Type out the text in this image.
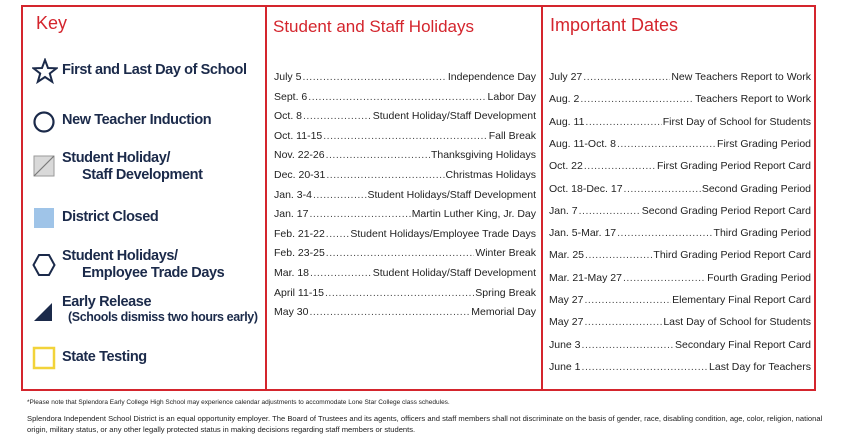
Key
First and Last Day of School
New Teacher Induction
Student Holiday/
Staff Development
District Closed
Student Holidays/
Employee Trade Days
Early Release
(Schools dismiss two hours early)
State Testing
Student and Staff Holidays
July 5 .....	Independence Day
Sept. 6 .....	Labor Day
Oct. 8 .....	Student Holiday/Staff Development
Oct. 11-15 .....	Fall Break
Nov. 22-26 .....	Thanksgiving Holidays
Dec. 20-31 .....	Christmas Holidays
Jan. 3-4 .....	Student Holidays/Staff Development
Jan. 17 .....	Martin Luther King, Jr. Day
Feb. 21-22 ..... Student Holidays/Employee Trade Days
Feb. 23-25 .....	Winter Break
Mar. 18 .....	Student Holiday/Staff Development
April 11-15 .....	Spring Break
May 30 .....	Memorial Day
Important Dates
July 27 .....	New Teachers Report to Work
Aug. 2 .....	Teachers Report to Work
Aug. 11 .....	First Day of School for Students
Aug. 11-Oct. 8 .....	First Grading Period
Oct. 22 .....	First Grading Period Report Card
Oct. 18-Dec. 17 .....	Second Grading Period
Jan. 7 .....	Second Grading Period Report Card
Jan. 5-Mar. 17 .....	Third Grading Period
Mar. 25 .....	Third Grading Period Report Card
Mar. 21-May 27 .....	Fourth Grading Period
May 27 .....	Elementary Final Report Card
May 27 .....	Last Day of School for Students
June 3 .....	Secondary Final Report Card
June 1 .....	Last Day for Teachers
*Please note that Splendora Early College High School may experience calendar adjustments to accommodate Lone Star College class schedules.
Splendora Independent School District is an equal opportunity employer. The Board of Trustees and its agents, officers and staff members shall not discriminate on the basis of gender, race, disabling condition, age, color, religion, national origin, military status, or any other legally protected status in making decisions regarding staff members or students.
